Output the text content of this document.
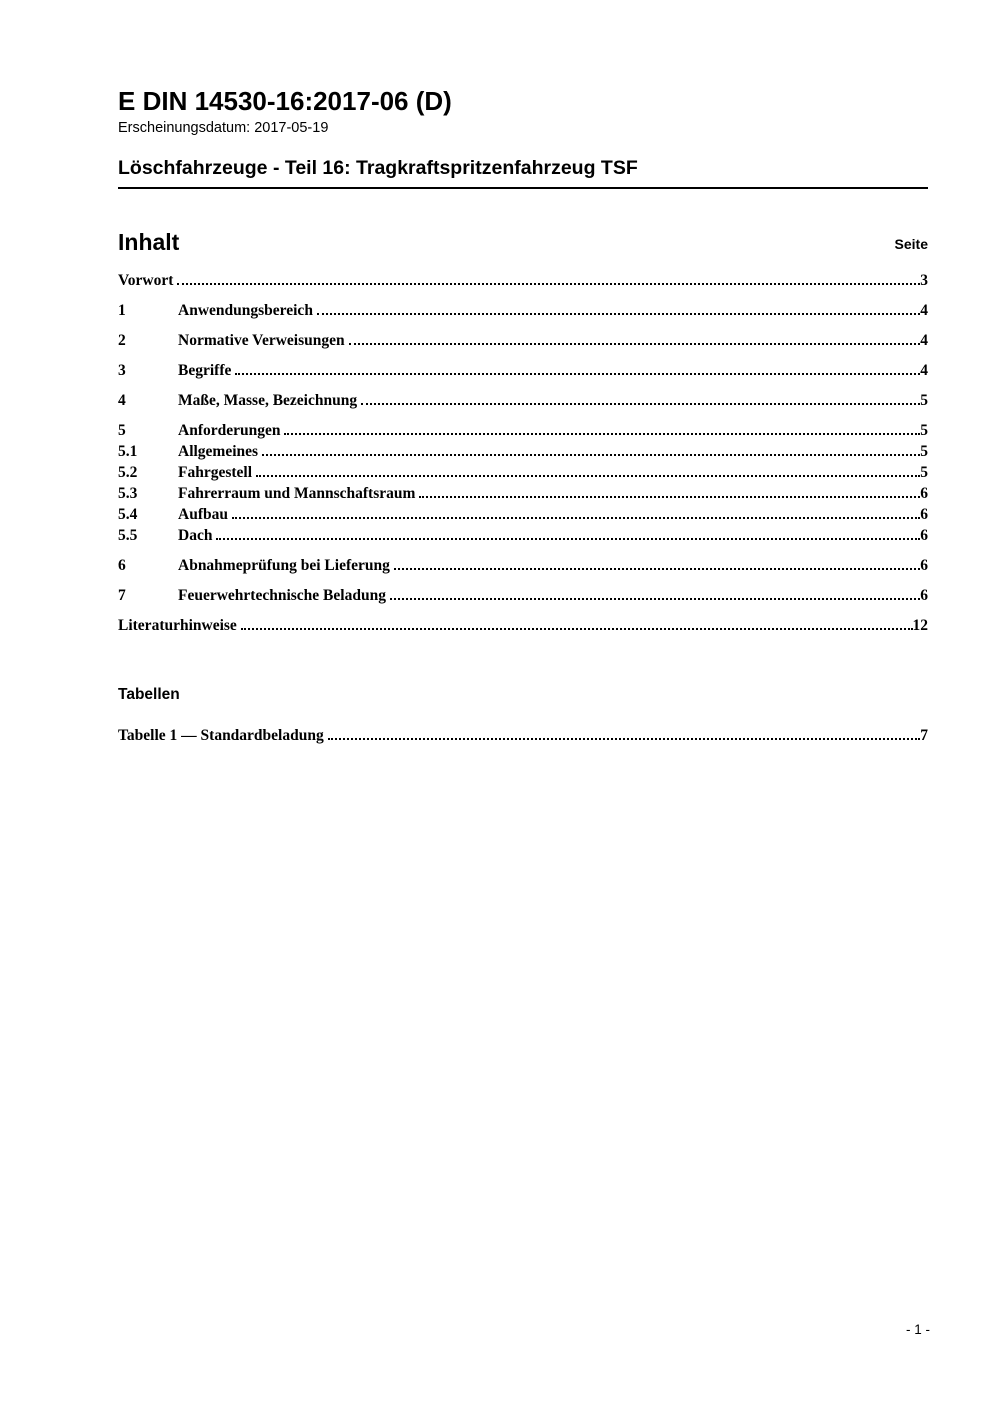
E DIN 14530-16:2017-06 (D)
Erscheinungsdatum: 2017-05-19
Löschfahrzeuge - Teil 16: Tragkraftspritzenfahrzeug TSF
Inhalt	Seite
Vorwort	3
1	Anwendungsbereich	4
2	Normative Verweisungen	4
3	Begriffe	4
4	Maße, Masse, Bezeichnung	5
5	Anforderungen	5
5.1	Allgemeines	5
5.2	Fahrgestell	5
5.3	Fahrerraum und Mannschaftsraum	6
5.4	Aufbau	6
5.5	Dach	6
6	Abnahmeprüfung bei Lieferung	6
7	Feuerwehrtechnische Beladung	6
Literaturhinweise	12
Tabellen
Tabelle 1 — Standardbeladung	7
- 1 -
